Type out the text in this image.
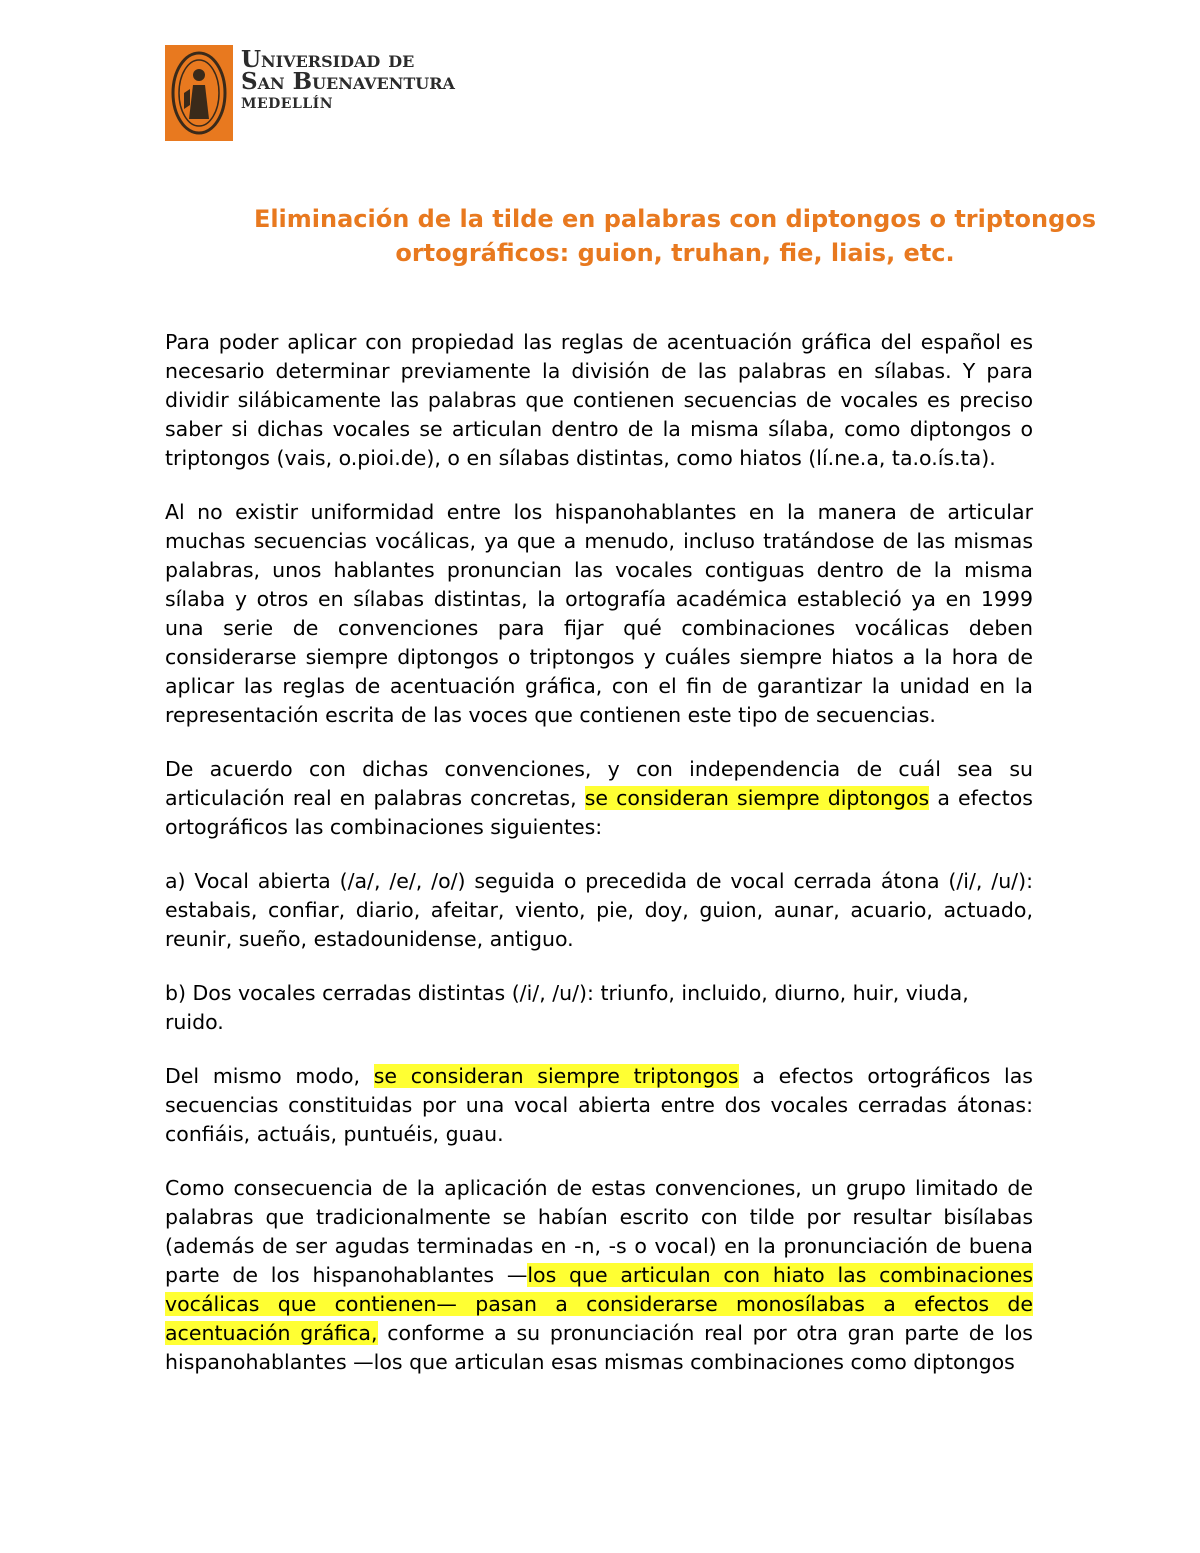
Universidad de
San Buenaventura
MEDELLÍN
Eliminación de la tilde en palabras con diptongos o triptongos
ortográficos: guion, truhan, fie, liais, etc.

Para poder aplicar con propiedad las reglas de acentuación gráfica del español es necesario determinar previamente la división de las palabras en sílabas. Y para dividir silábicamente las palabras que contienen secuencias de vocales es preciso saber si dichas vocales se articulan dentro de la misma sílaba, como diptongos o triptongos (vais, o.pioi.de), o en sílabas distintas, como hiatos (lí.ne.a, ta.o.ís.ta).

Al no existir uniformidad entre los hispanohablantes en la manera de articular muchas secuencias vocálicas, ya que a menudo, incluso tratándose de las mismas palabras, unos hablantes pronuncian las vocales contiguas dentro de la misma sílaba y otros en sílabas distintas, la ortografía académica estableció ya en 1999 una serie de convenciones para fijar qué combinaciones vocálicas deben considerarse siempre diptongos o triptongos y cuáles siempre hiatos a la hora de aplicar las reglas de acentuación gráfica, con el fin de garantizar la unidad en la representación escrita de las voces que contienen este tipo de secuencias.

De acuerdo con dichas convenciones, y con independencia de cuál sea su articulación real en palabras concretas, se consideran siempre diptongos a efectos ortográficos las combinaciones siguientes:

a) Vocal abierta (/a/, /e/, /o/) seguida o precedida de vocal cerrada átona (/i/, /u/): estabais, confiar, diario, afeitar, viento, pie, doy, guion, aunar, acuario, actuado, reunir, sueño, estadounidense, antiguo.

b) Dos vocales cerradas distintas (/i/, /u/): triunfo, incluido, diurno, huir, viuda, ruido.

Del mismo modo, se consideran siempre triptongos a efectos ortográficos las secuencias constituidas por una vocal abierta entre dos vocales cerradas átonas: confiáis, actuáis, puntuéis, guau.

Como consecuencia de la aplicación de estas convenciones, un grupo limitado de palabras que tradicionalmente se habían escrito con tilde por resultar bisílabas (además de ser agudas terminadas en -n, -s o vocal) en la pronunciación de buena parte de los hispanohablantes —los que articulan con hiato las combinaciones vocálicas que contienen— pasan a considerarse monosílabas a efectos de acentuación gráfica, conforme a su pronunciación real por otra gran parte de los hispanohablantes —los que articulan esas mismas combinaciones como diptongos
